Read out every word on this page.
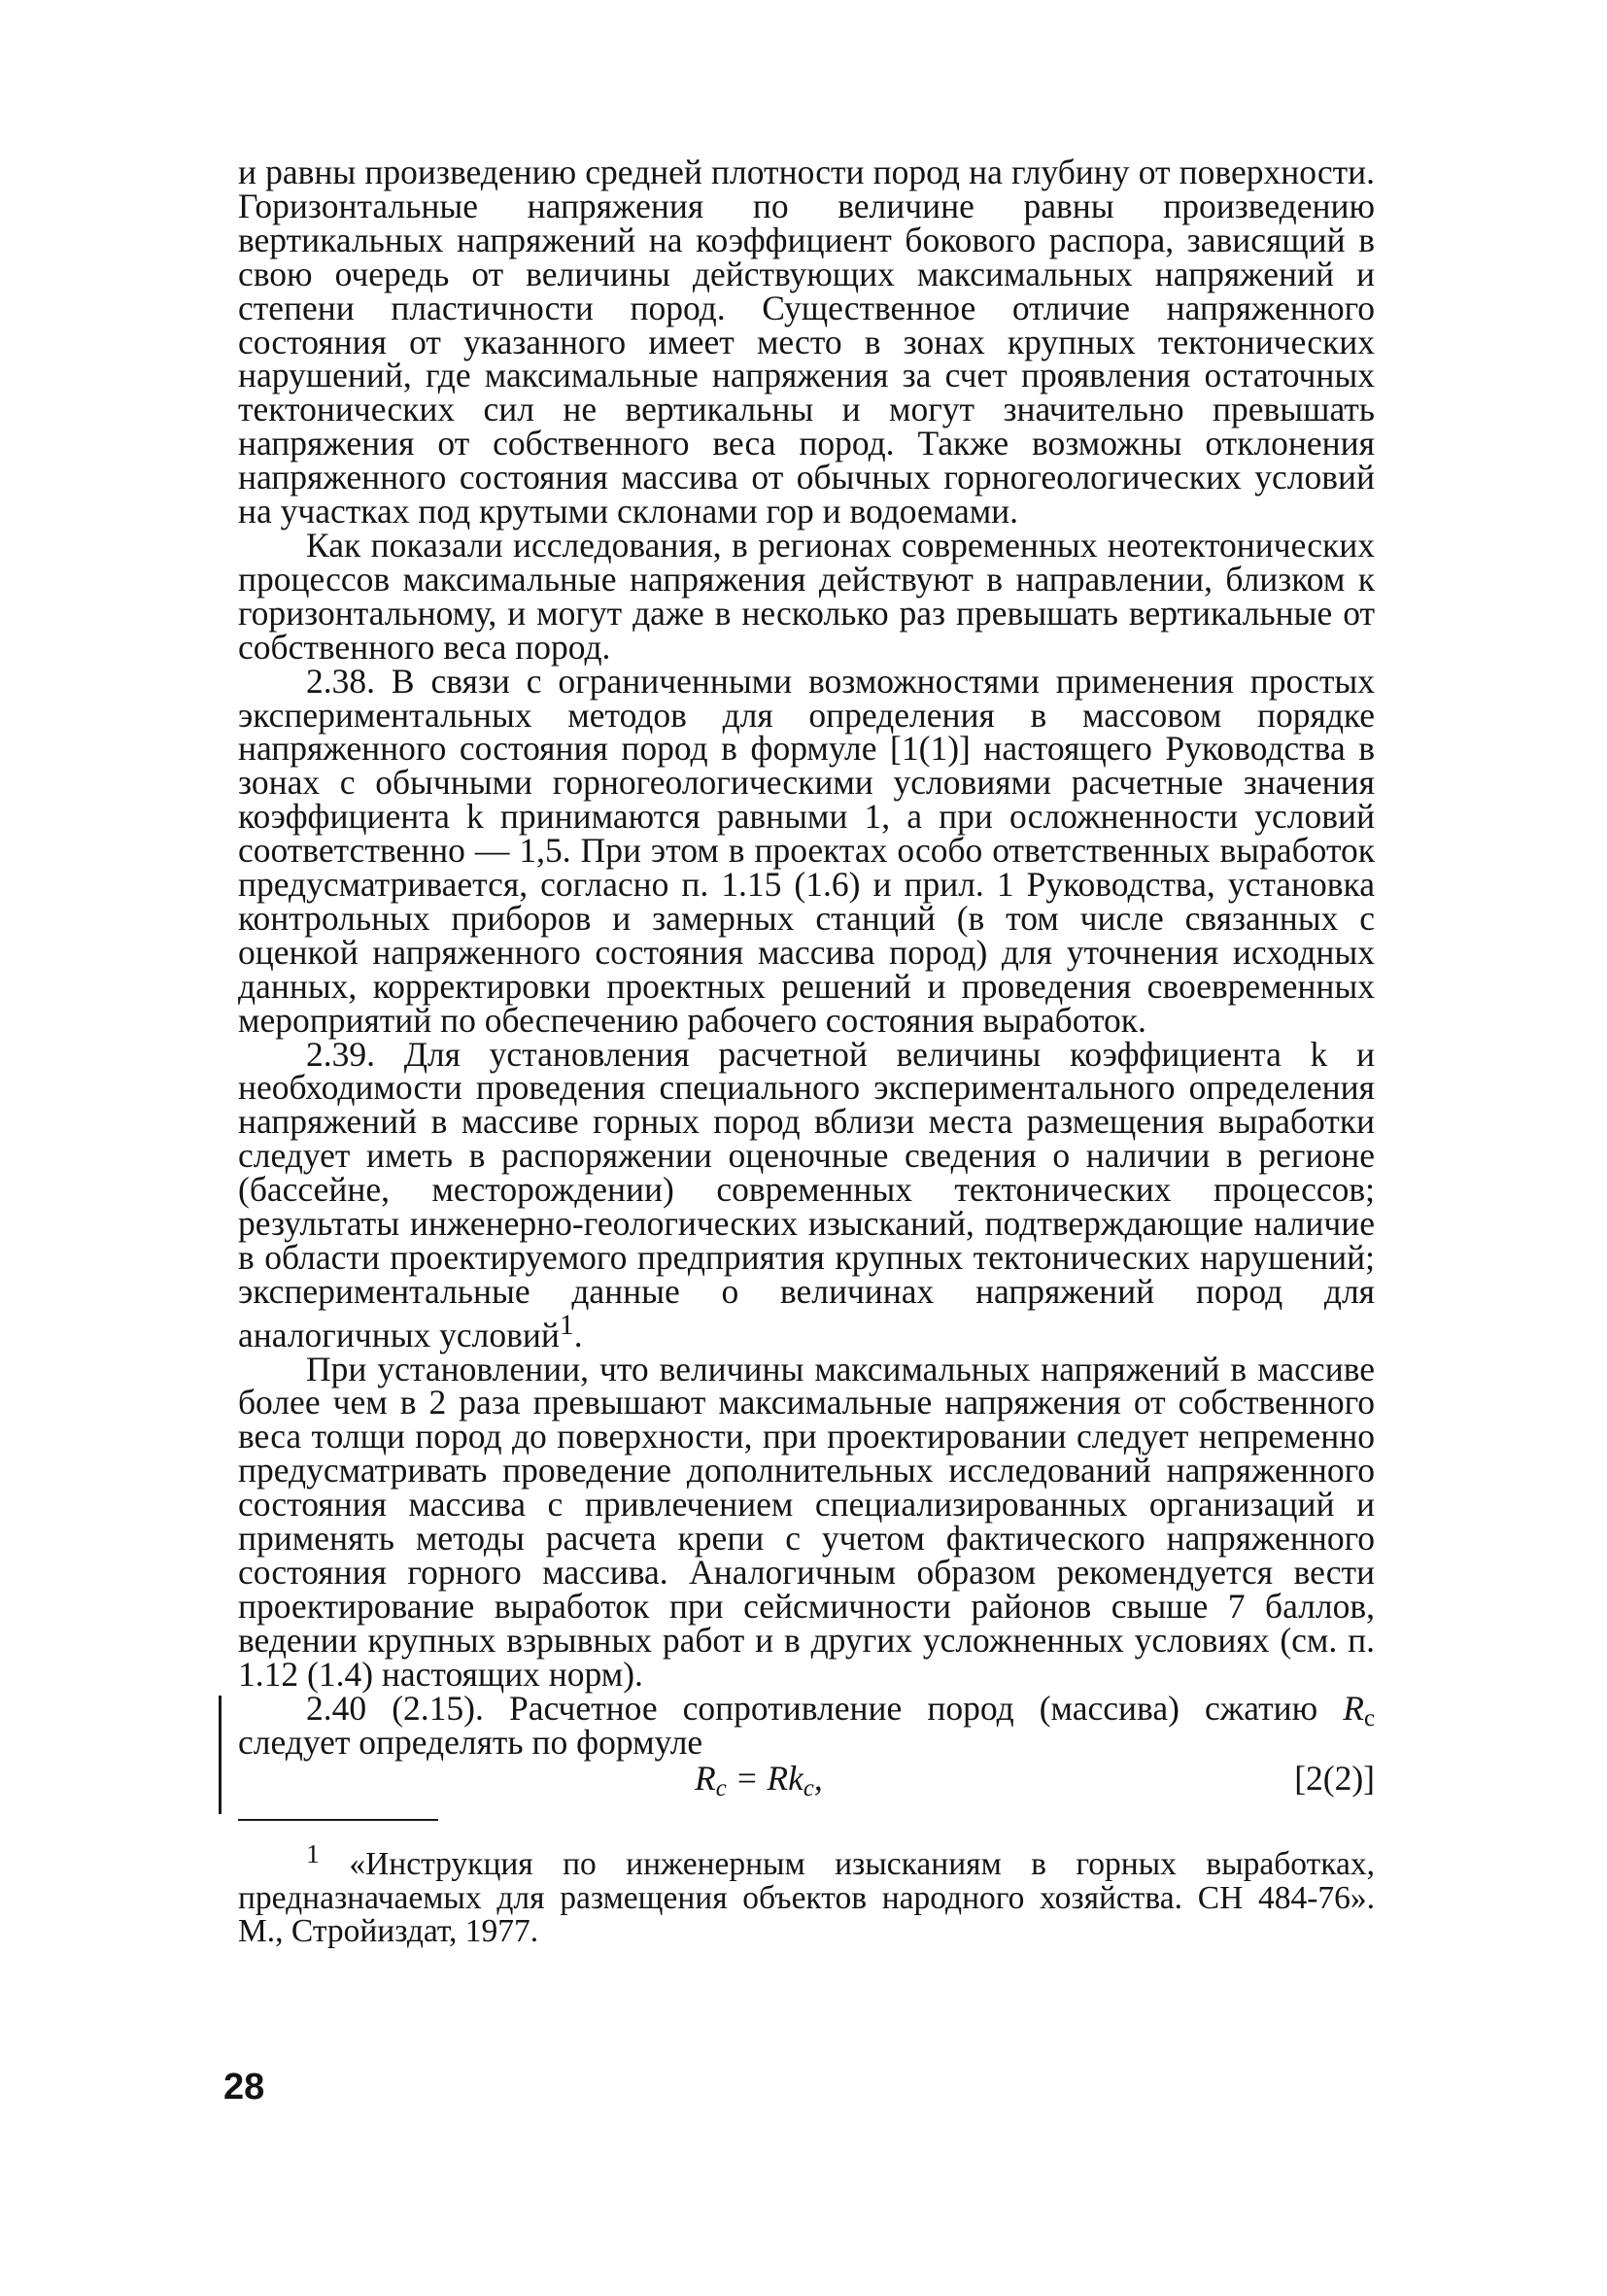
и равны произведению средней плотности пород на глубину от поверхности. Горизонтальные напряжения по величине равны произведению вертикальных напряжений на коэффициент бокового распора, зависящий в свою очередь от величины действующих максимальных напряжений и степени пластичности пород. Существенное отличие напряженного состояния от указанного имеет место в зонах крупных тектонических нарушений, где максимальные напряжения за счет проявления остаточных тектонических сил не вертикальны и могут значительно превышать напряжения от собственного веса пород. Также возможны отклонения напряженного состояния массива от обычных горногеологических условий на участках под крутыми склонами гор и водоемами.

Как показали исследования, в регионах современных неотектонических процессов максимальные напряжения действуют в направлении, близком к горизонтальному, и могут даже в несколько раз превышать вертикальные от собственного веса пород.

2.38. В связи с ограниченными возможностями применения простых экспериментальных методов для определения в массовом порядке напряженного состояния пород в формуле [1(1)] настоящего Руководства в зонах с обычными горногеологическими условиями расчетные значения коэффициента k принимаются равными 1, а при осложненности условий соответственно — 1,5. При этом в проектах особо ответственных выработок предусматривается, согласно п. 1.15 (1.6) и прил. 1 Руководства, установка контрольных приборов и замерных станций (в том числе связанных с оценкой напряженного состояния массива пород) для уточнения исходных данных, корректировки проектных решений и проведения своевременных мероприятий по обеспечению рабочего состояния выработок.

2.39. Для установления расчетной величины коэффициента k и необходимости проведения специального экспериментального определения напряжений в массиве горных пород вблизи места размещения выработки следует иметь в распоряжении оценочные сведения о наличии в регионе (бассейне, месторождении) современных тектонических процессов; результаты инженерно-геологических изысканий, подтверждающие наличие в области проектируемого предприятия крупных тектонических нарушений; экспериментальные данные о величинах напряжений пород для аналогичных условий$^1$.

При установлении, что величины максимальных напряжений в массиве более чем в 2 раза превышают максимальные напряжения от собственного веса толщи пород до поверхности, при проектировании следует непременно предусматривать проведение дополнительных исследований напряженного состояния массива с привлечением специализированных организаций и применять методы расчета крепи с учетом фактического напряженного состояния горного массива. Аналогичным образом рекомендуется вести проектирование выработок при сейсмичности районов свыше 7 баллов, ведении крупных взрывных работ и в других усложненных условиях (см. п. 1.12 (1.4) настоящих норм).

2.40 (2.15). Расчетное сопротивление пород (массива) сжатию $R_с$ следует определять по формуле

$R_с = Rk_с$,	[2(2)]

$^1$ «Инструкция по инженерным изысканиям в горных выработках, предназначаемых для размещения объектов народного хозяйства. СН 484-76». М., Стройиздат, 1977.

28
